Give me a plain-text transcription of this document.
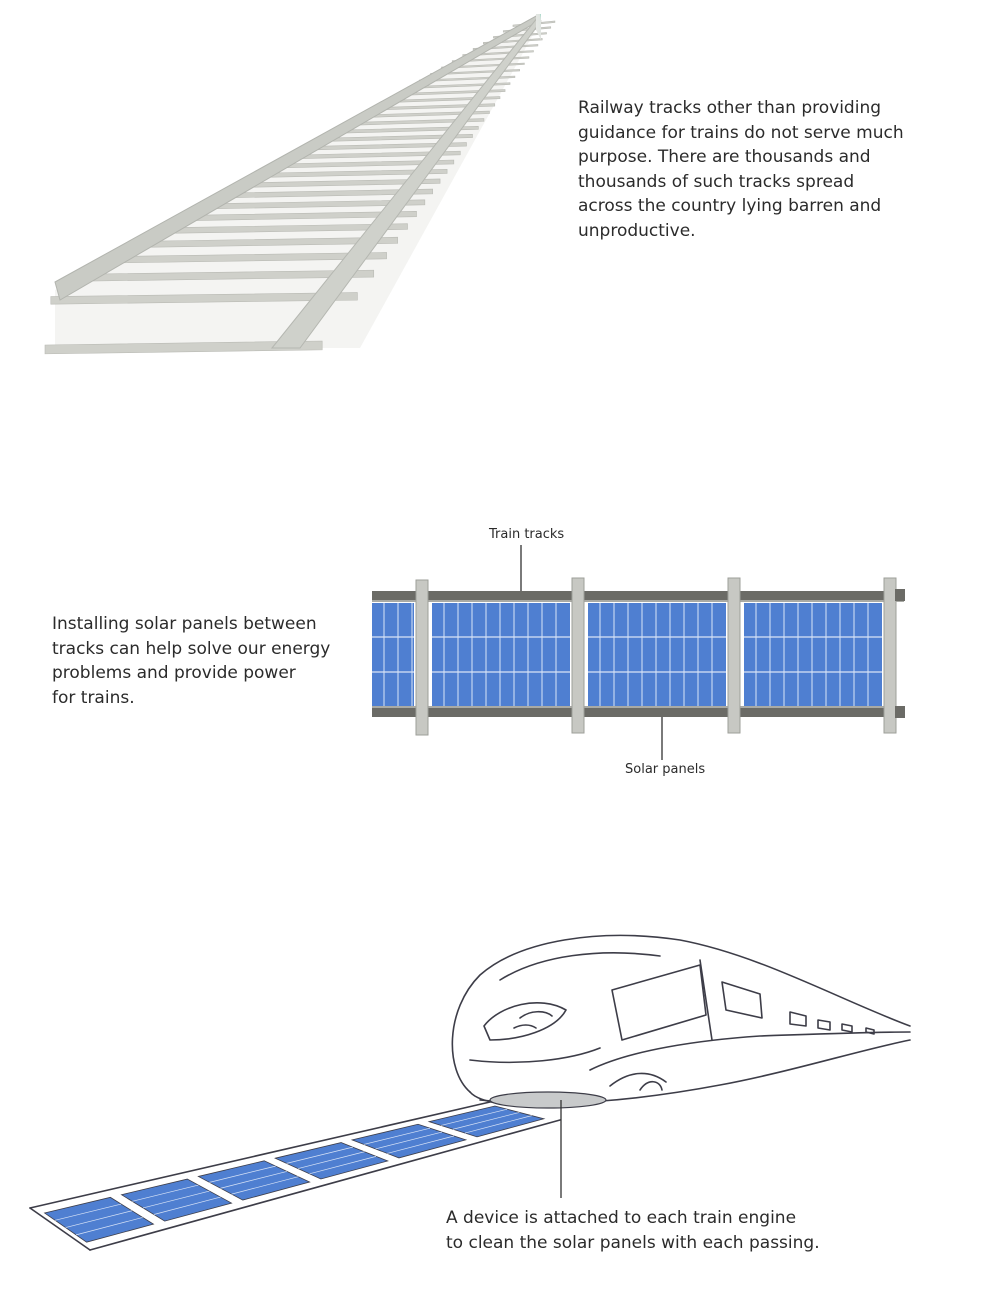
Railway tracks other than providing
guidance for trains do not serve much
purpose. There are thousands and
thousands of such tracks spread
across the country lying barren and
unproductive.
Installing solar panels between
tracks can help solve our energy
problems and provide power
for trains.
Train tracks
Solar panels
A device is attached to each train engine
to clean the solar panels with each passing.
